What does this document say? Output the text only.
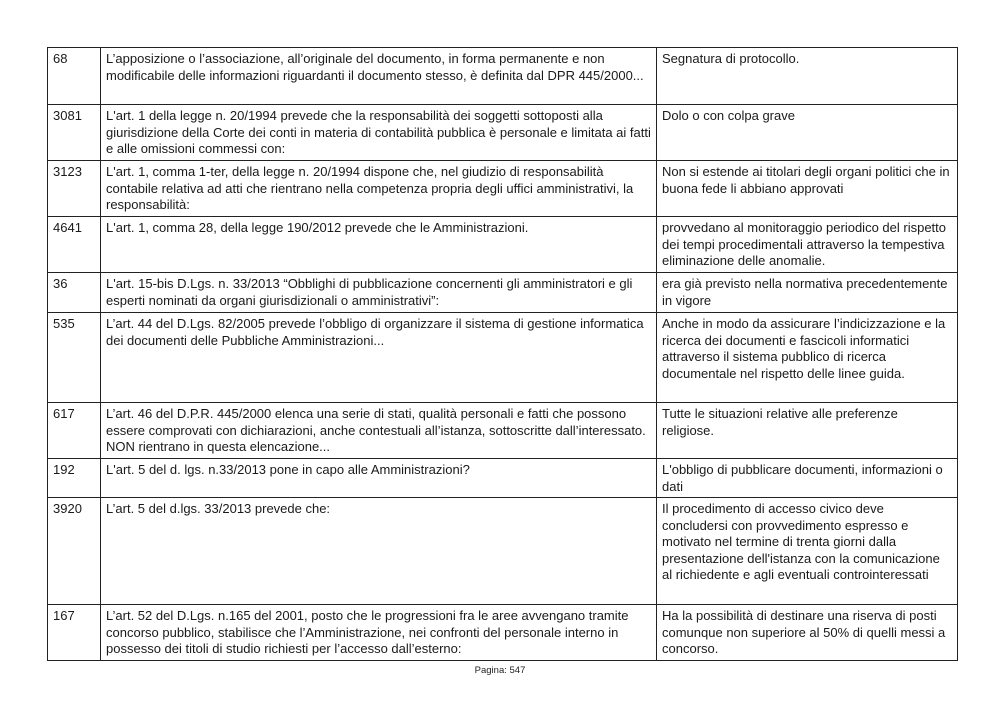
68	L’apposizione o l’associazione, all’originale del documento, in forma permanente e non modificabile delle informazioni riguardanti il documento stesso, è definita dal DPR 445/2000...	Segnatura di protocollo.
3081	L'art. 1 della legge n. 20/1994 prevede che la responsabilità dei soggetti sottoposti alla giurisdizione della Corte dei conti in materia di contabilità pubblica è personale e limitata ai fatti e alle omissioni commessi con:	Dolo o con colpa grave
3123	L'art. 1, comma 1-ter, della legge n. 20/1994 dispone che, nel giudizio di responsabilità contabile relativa ad atti che rientrano nella competenza propria degli uffici amministrativi, la responsabilità:	Non si estende ai titolari degli organi politici che in buona fede li abbiano approvati
4641	L'art. 1, comma 28, della legge 190/2012 prevede che le Amministrazioni.	provvedano al monitoraggio periodico del rispetto dei tempi procedimentali attraverso la tempestiva eliminazione delle anomalie.
36	L'art. 15-bis D.Lgs. n. 33/2013 “Obblighi di pubblicazione concernenti gli amministratori e gli esperti nominati da organi giurisdizionali o amministrativi”:	era già previsto nella normativa precedentemente in vigore
535	L’art. 44 del D.Lgs. 82/2005 prevede l’obbligo di organizzare il sistema di gestione informatica dei documenti delle Pubbliche Amministrazioni...	Anche in modo da assicurare l’indicizzazione e la ricerca dei documenti e fascicoli informatici attraverso il sistema pubblico di ricerca documentale nel rispetto delle linee guida.
617	L’art. 46 del D.P.R. 445/2000 elenca una serie di stati, qualità personali e fatti che possono essere comprovati con dichiarazioni, anche contestuali all’istanza, sottoscritte dall’interessato. NON rientrano in questa elencazione...	Tutte le situazioni relative alle preferenze religiose.
192	L'art. 5 del d. lgs. n.33/2013 pone in capo alle Amministrazioni?	L'obbligo di pubblicare documenti, informazioni o dati
3920	L’art. 5 del d.lgs. 33/2013 prevede che:	Il procedimento di accesso civico deve concludersi con provvedimento espresso e motivato nel termine di trenta giorni dalla presentazione dell'istanza con la comunicazione al richiedente e agli eventuali controinteressati
167	L’art. 52 del D.Lgs. n.165 del 2001, posto che le progressioni fra le aree avvengano tramite concorso pubblico, stabilisce che l’Amministrazione, nei confronti del personale interno in possesso dei titoli di studio richiesti per l’accesso dall’esterno:	Ha la possibilità di destinare una riserva di posti comunque non superiore al 50% di quelli messi a concorso.
Pagina: 547
